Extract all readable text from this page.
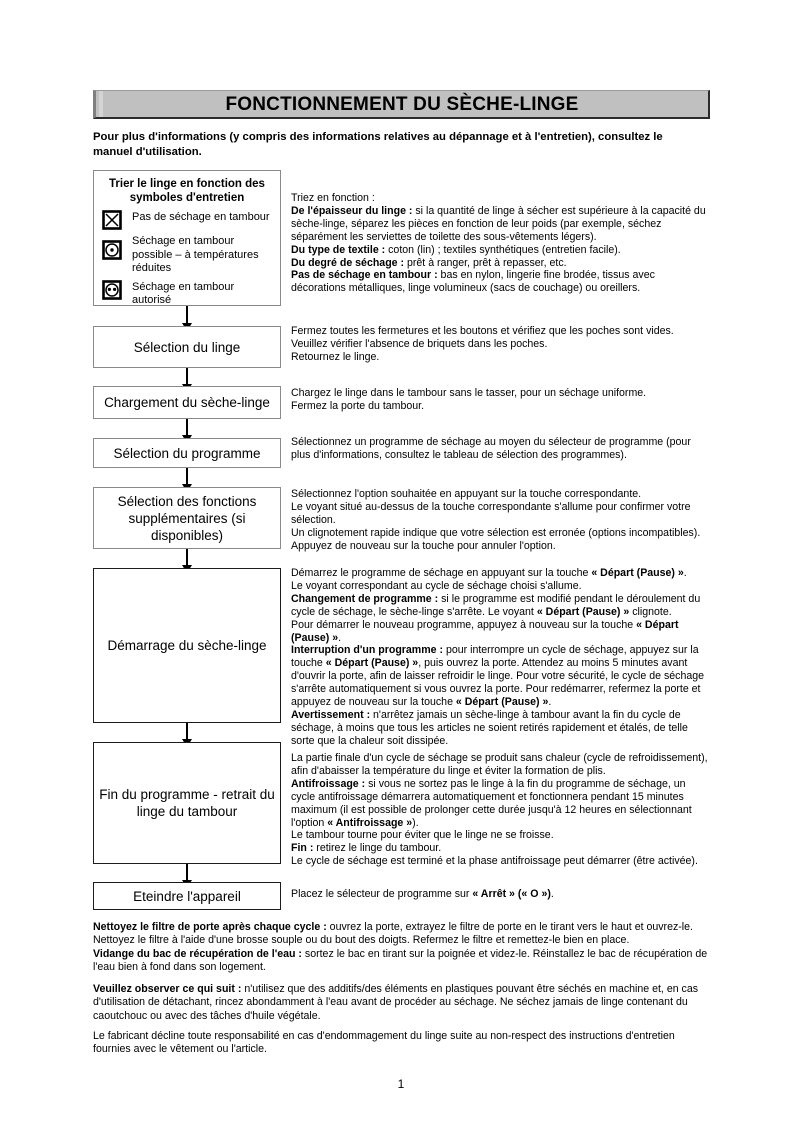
FONCTIONNEMENT DU SÈCHE-LINGE
Pour plus d'informations (y compris des informations relatives au dépannage et à l'entretien), consultez le manuel d'utilisation.
Trier le linge en fonction des symboles d'entretien
Pas de séchage en tambour
Séchage en tambour possible – à températures réduites
Séchage en tambour autorisé
Triez en fonction :
De l'épaisseur du linge : si la quantité de linge à sécher est supérieure à la capacité du sèche-linge, séparez les pièces en fonction de leur poids (par exemple, séchez séparément les serviettes de toilette des sous-vêtements légers).
Du type de textile : coton (lin) ; textiles synthétiques (entretien facile).
Du degré de séchage : prêt à ranger, prêt à repasser, etc.
Pas de séchage en tambour : bas en nylon, lingerie fine brodée, tissus avec décorations métalliques, linge volumineux (sacs de couchage) ou oreillers.
Sélection du linge
Fermez toutes les fermetures et les boutons et vérifiez que les poches sont vides.
Veuillez vérifier l'absence de briquets dans les poches.
Retournez le linge.
Chargement du sèche-linge
Chargez le linge dans le tambour sans le tasser, pour un séchage uniforme.
Fermez la porte du tambour.
Sélection du programme
Sélectionnez un programme de séchage au moyen du sélecteur de programme (pour plus d'informations, consultez le tableau de sélection des programmes).
Sélection des fonctions supplémentaires (si disponibles)
Sélectionnez l'option souhaitée en appuyant sur la touche correspondante.
Le voyant situé au-dessus de la touche correspondante s'allume pour confirmer votre sélection.
Un clignotement rapide indique que votre sélection est erronée (options incompatibles).
Appuyez de nouveau sur la touche pour annuler l'option.
Démarrage du sèche-linge
Démarrez le programme de séchage en appuyant sur la touche « Départ (Pause) ».
Le voyant correspondant au cycle de séchage choisi s'allume.
Changement de programme : si le programme est modifié pendant le déroulement du cycle de séchage, le sèche-linge s'arrête. Le voyant « Départ (Pause) » clignote.
Pour démarrer le nouveau programme, appuyez à nouveau sur la touche « Départ (Pause) ».
Interruption d'un programme : pour interrompre un cycle de séchage, appuyez sur la touche « Départ (Pause) », puis ouvrez la porte. Attendez au moins 5 minutes avant d'ouvrir la porte, afin de laisser refroidir le linge. Pour votre sécurité, le cycle de séchage s'arrête automatiquement si vous ouvrez la porte. Pour redémarrer, refermez la porte et appuyez de nouveau sur la touche « Départ (Pause) ».
Avertissement : n'arrêtez jamais un sèche-linge à tambour avant la fin du cycle de séchage, à moins que tous les articles ne soient retirés rapidement et étalés, de telle sorte que la chaleur soit dissipée.
Fin du programme - retrait du linge du tambour
La partie finale d'un cycle de séchage se produit sans chaleur (cycle de refroidissement), afin d'abaisser la température du linge et éviter la formation de plis.
Antifroissage : si vous ne sortez pas le linge à la fin du programme de séchage, un cycle antifroissage démarrera automatiquement et fonctionnera pendant 15 minutes maximum (il est possible de prolonger cette durée jusqu'à 12 heures en sélectionnant l'option « Antifroissage »).
Le tambour tourne pour éviter que le linge ne se froisse.
Fin : retirez le linge du tambour.
Le cycle de séchage est terminé et la phase antifroissage peut démarrer (être activée).
Eteindre l'appareil	Placez le sélecteur de programme sur « Arrêt » (« O »).
Nettoyez le filtre de porte après chaque cycle : ouvrez la porte, extrayez le filtre de porte en le tirant vers le haut et ouvrez-le. Nettoyez le filtre à l'aide d'une brosse souple ou du bout des doigts. Refermez le filtre et remettez-le bien en place.
Vidange du bac de récupération de l'eau : sortez le bac en tirant sur la poignée et videz-le. Réinstallez le bac de récupération de l'eau bien à fond dans son logement.
Veuillez observer ce qui suit : n'utilisez que des additifs/des éléments en plastiques pouvant être séchés en machine et, en cas d'utilisation de détachant, rincez abondamment à l'eau avant de procéder au séchage. Ne séchez jamais de linge contenant du caoutchouc ou avec des tâches d'huile végétale.
Le fabricant décline toute responsabilité en cas d'endommagement du linge suite au non-respect des instructions d'entretien fournies avec le vêtement ou l'article.
1
